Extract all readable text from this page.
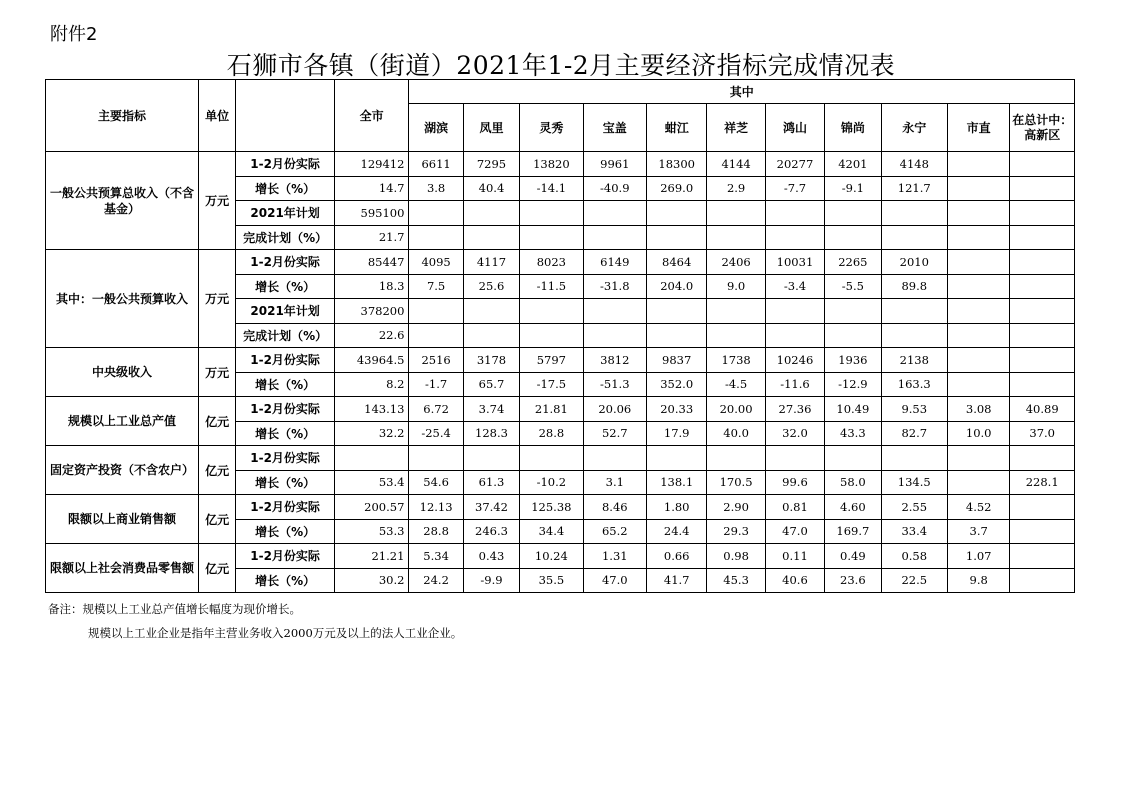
附件2
石狮市各镇（街道）2021年1-2月主要经济指标完成情况表
主要指标	单位		全市	其中										
				湖滨	凤里	灵秀	宝盖	蚶江	祥芝	鸿山	锦尚	永宁	市直	在总计中：高新区
一般公共预算总收入（不含基金）	万元	1-2月份实际	129412	6611	7295	13820	9961	18300	4144	20277	4201	4148		
		增长（%）	14.7	3.8	40.4	-14.1	-40.9	269.0	2.9	-7.7	-9.1	121.7		
		2021年计划	595100											
		完成计划（%）	21.7											
其中：一般公共预算收入	万元	1-2月份实际	85447	4095	4117	8023	6149	8464	2406	10031	2265	2010		
		增长（%）	18.3	7.5	25.6	-11.5	-31.8	204.0	9.0	-3.4	-5.5	89.8		
		2021年计划	378200											
		完成计划（%）	22.6											
中央级收入	万元	1-2月份实际	43964.5	2516	3178	5797	3812	9837	1738	10246	1936	2138		
		增长（%）	8.2	-1.7	65.7	-17.5	-51.3	352.0	-4.5	-11.6	-12.9	163.3		
规模以上工业总产值	亿元	1-2月份实际	143.13	6.72	3.74	21.81	20.06	20.33	20.00	27.36	10.49	9.53	3.08	40.89
		增长（%）	32.2	-25.4	128.3	28.8	52.7	17.9	40.0	32.0	43.3	82.7	10.0	37.0
固定资产投资（不含农户）	亿元	1-2月份实际												
		增长（%）	53.4	54.6	61.3	-10.2	3.1	138.1	170.5	99.6	58.0	134.5		228.1
限额以上商业销售额	亿元	1-2月份实际	200.57	12.13	37.42	125.38	8.46	1.80	2.90	0.81	4.60	2.55	4.52	
		增长（%）	53.3	28.8	246.3	34.4	65.2	24.4	29.3	47.0	169.7	33.4	3.7	
限额以上社会消费品零售额	亿元	1-2月份实际	21.21	5.34	0.43	10.24	1.31	0.66	0.98	0.11	0.49	0.58	1.07	
		增长（%）	30.2	24.2	-9.9	35.5	47.0	41.7	45.3	40.6	23.6	22.5	9.8	
备注：规模以上工业总产值增长幅度为现价增长。
规模以上工业企业是指年主营业务收入2000万元及以上的法人工业企业。
